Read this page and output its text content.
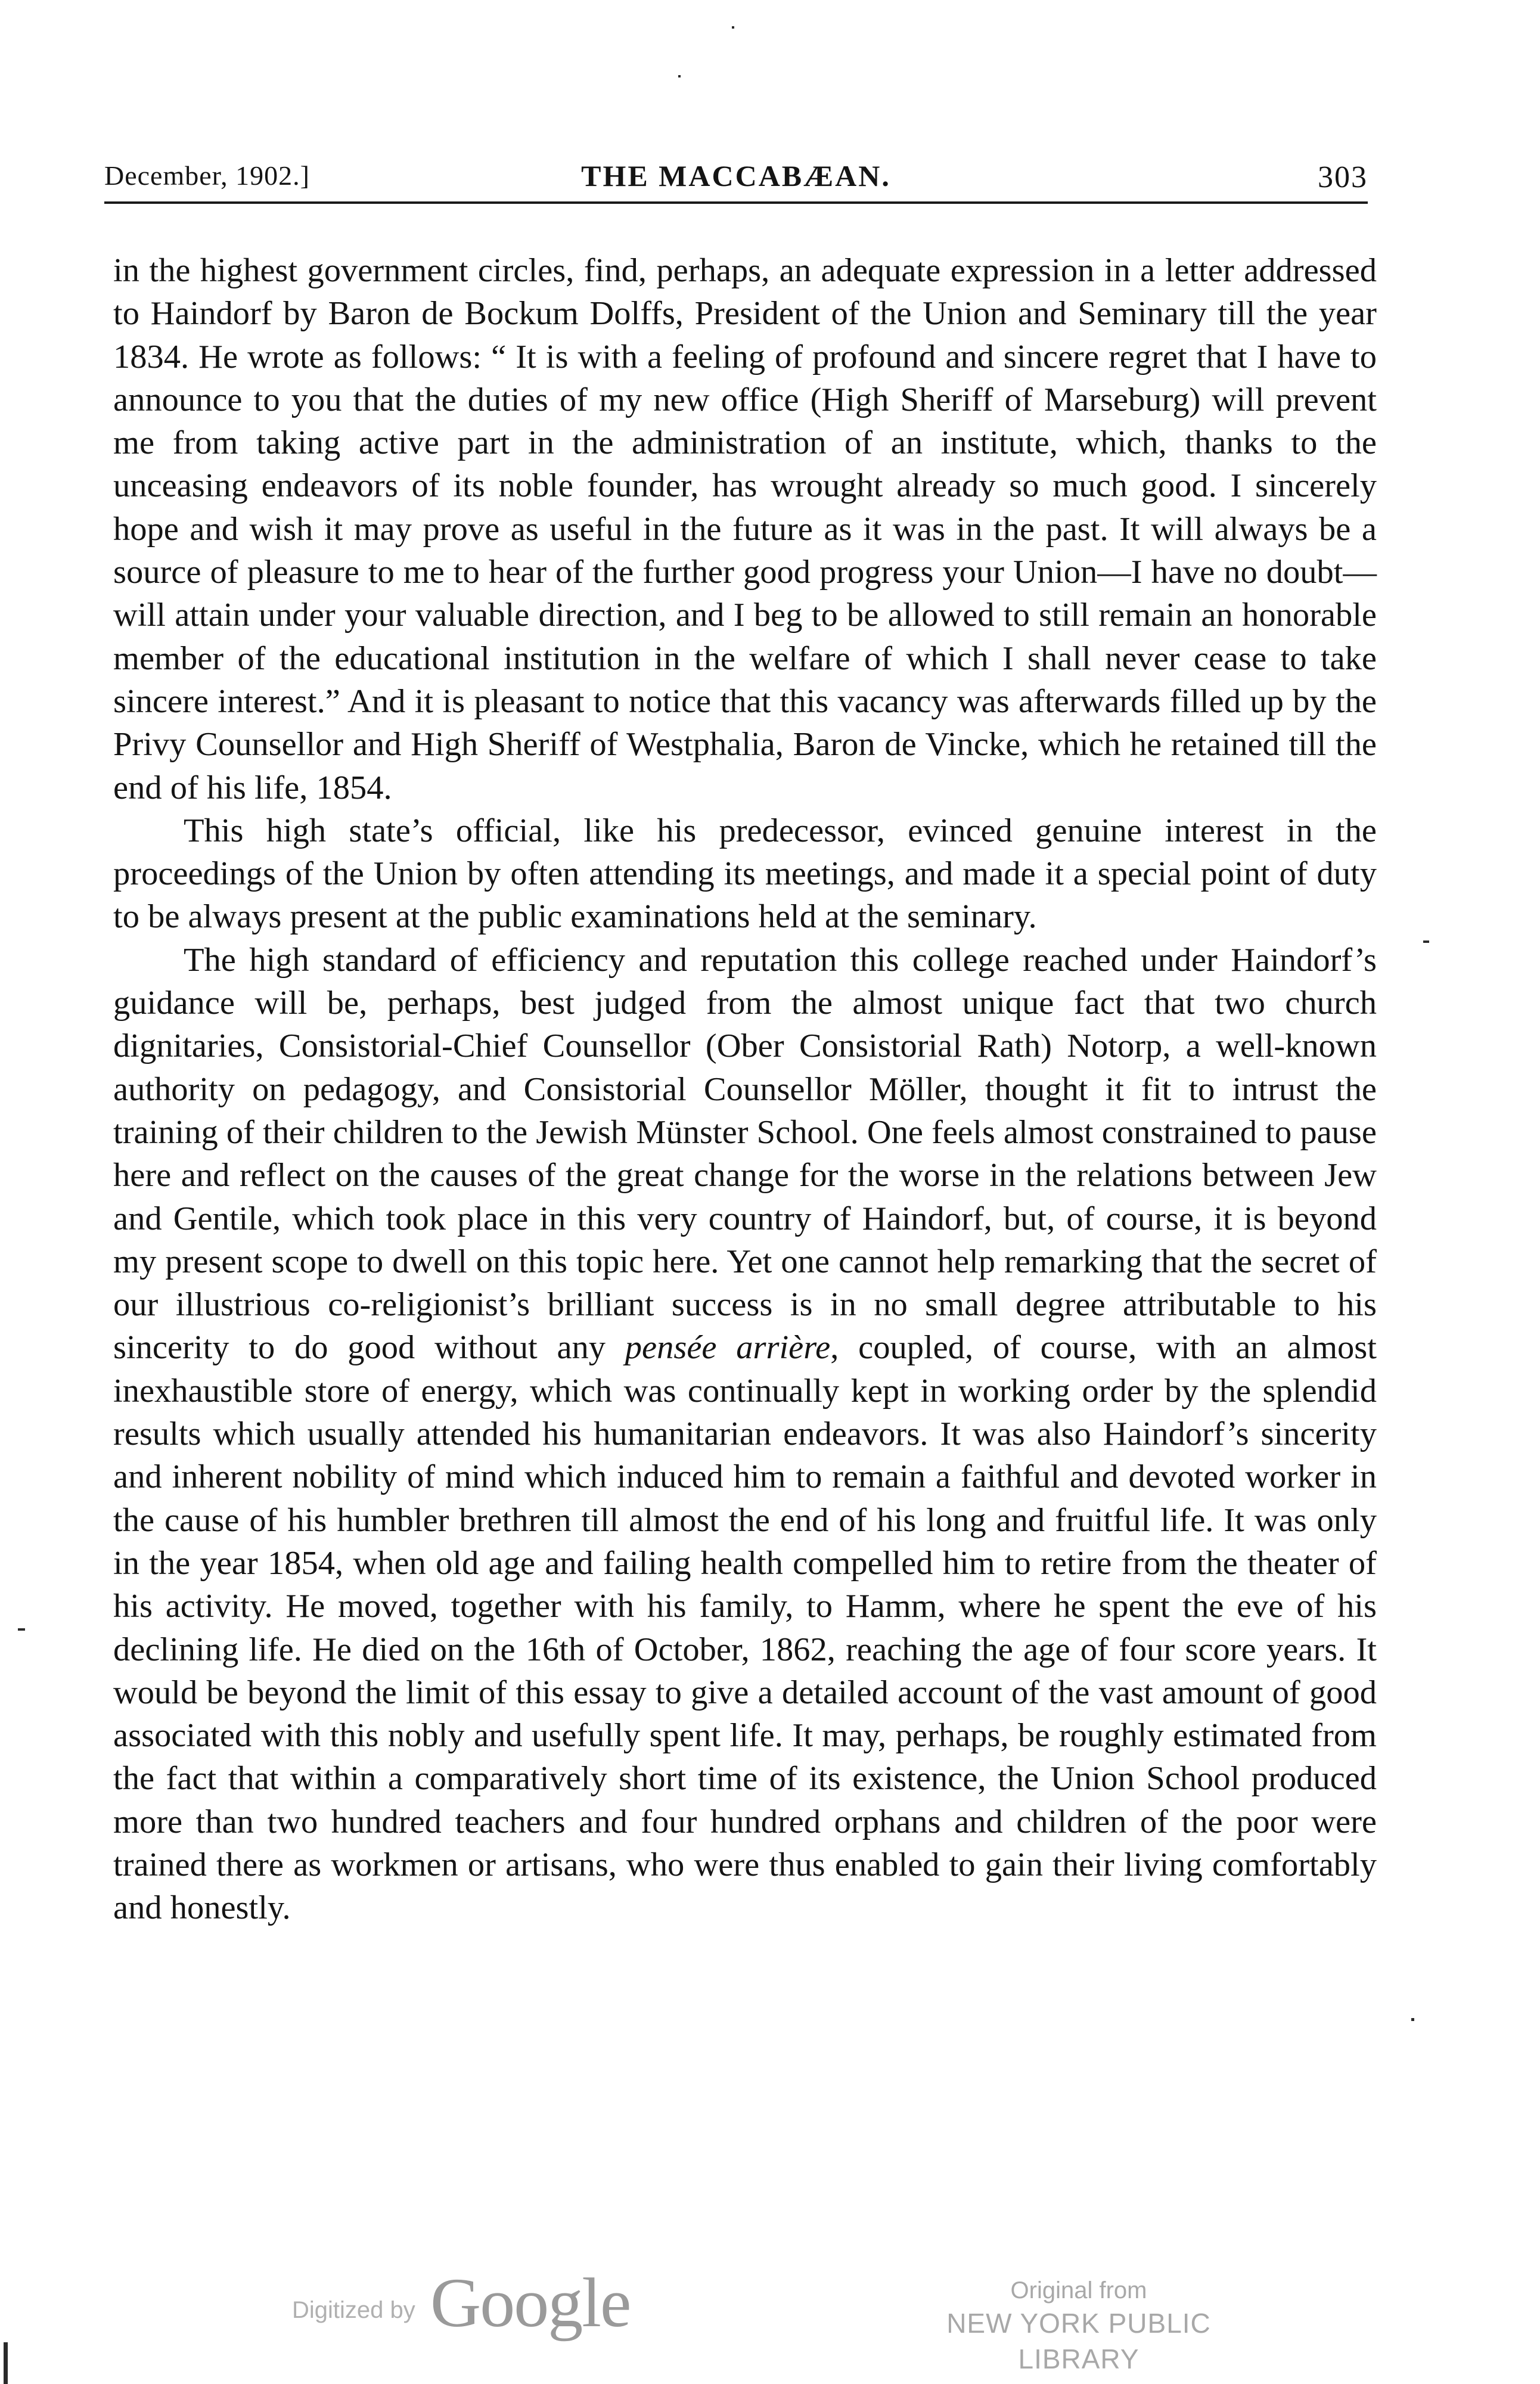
December, 1902.]	THE MACCABÆAN.	303

in the highest government circles, find, perhaps, an adequate expression in a letter addressed to Haindorf by Baron de Bockum Dolffs, President of the Union and Seminary till the year 1834. He wrote as follows: “ It is with a feeling of profound and sincere regret that I have to announce to you that the duties of my new office (High Sheriff of Marseburg) will prevent me from taking active part in the administration of an institute, which, thanks to the unceasing endeavors of its noble founder, has wrought already so much good. I sincerely hope and wish it may prove as useful in the future as it was in the past. It will always be a source of pleasure to me to hear of the further good progress your Union—I have no doubt—will attain under your valuable direction, and I beg to be allowed to still remain an honorable member of the educational institution in the welfare of which I shall never cease to take sincere interest.” And it is pleasant to notice that this vacancy was afterwards filled up by the Privy Counsellor and High Sheriff of Westphalia, Baron de Vincke, which he retained till the end of his life, 1854.

This high state’s official, like his predecessor, evinced genuine interest in the proceedings of the Union by often attending its meetings, and made it a special point of duty to be always present at the public examinations held at the seminary.

The high standard of efficiency and reputation this college reached under Haindorf’s guidance will be, perhaps, best judged from the almost unique fact that two church dignitaries, Consistorial-Chief Counsellor (Ober Consistorial Rath) Notorp, a well-known authority on pedagogy, and Consistorial Counsellor Möller, thought it fit to intrust the training of their children to the Jewish Münster School. One feels almost constrained to pause here and reflect on the causes of the great change for the worse in the relations between Jew and Gentile, which took place in this very country of Haindorf, but, of course, it is beyond my present scope to dwell on this topic here. Yet one cannot help remarking that the secret of our illustrious co-religionist’s brilliant success is in no small degree attributable to his sincerity to do good without any pensée arrière, coupled, of course, with an almost inexhaustible store of energy, which was continually kept in working order by the splendid results which usually attended his humanitarian endeavors. It was also Haindorf’s sincerity and inherent nobility of mind which induced him to remain a faithful and devoted worker in the cause of his humbler brethren till almost the end of his long and fruitful life. It was only in the year 1854, when old age and failing health compelled him to retire from the theater of his activity. He moved, together with his family, to Hamm, where he spent the eve of his declining life. He died on the 16th of October, 1862, reaching the age of four score years. It would be beyond the limit of this essay to give a detailed account of the vast amount of good associated with this nobly and usefully spent life. It may, perhaps, be roughly estimated from the fact that within a comparatively short time of its existence, the Union School produced more than two hundred teachers and four hundred orphans and children of the poor were trained there as workmen or artisans, who were thus enabled to gain their living comfortably and honestly.

Digitized by Google	Original from
NEW YORK PUBLIC LIBRARY
